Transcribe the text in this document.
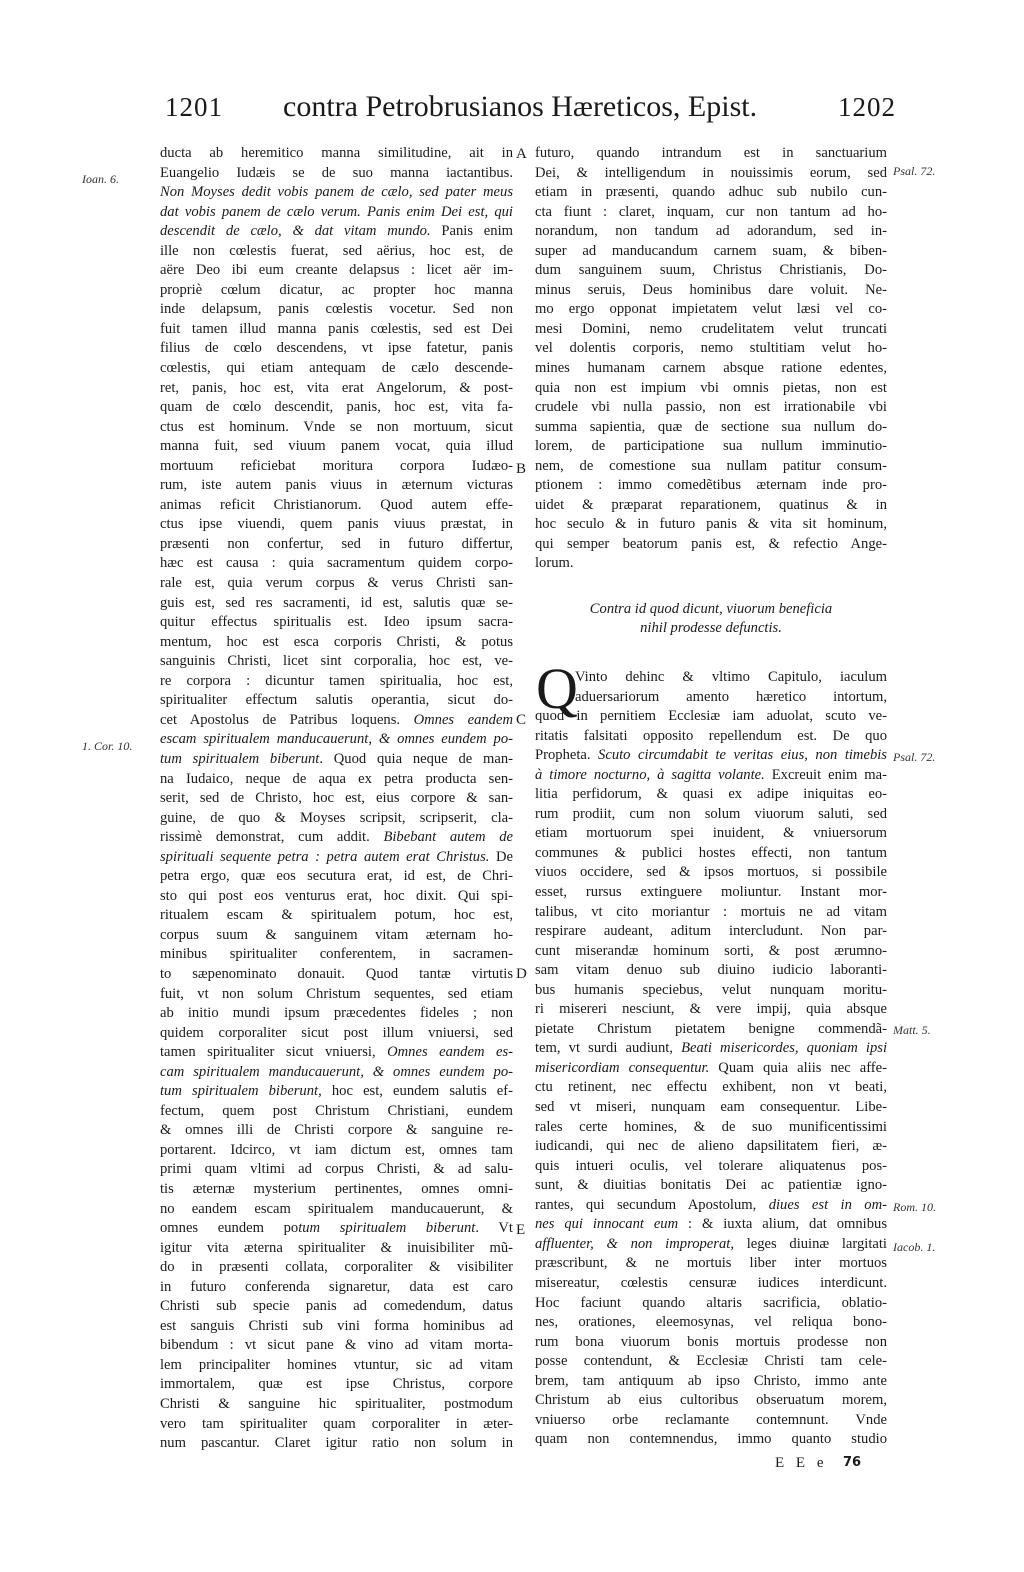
1201 contra Petrobrusianos Hæreticos, Epist.	1202
ducta ab heremitico manna similitudine, ait in
Euangelio Iudæis se de suo manna iactantibus.
Non Moyses dedit vobis panem de cælo, sed pater meus
dat vobis panem de cælo verum. Panis enim Dei est, qui
descendit de cælo, & dat vitam mundo. Panis enim
ille non cœlestis fuerat, sed aërius, hoc est, de
aëre Deo ibi eum creante delapsus : licet aër im-
propriè cœlum dicatur, ac propter hoc manna
inde delapsum, panis cœlestis vocetur. Sed non
fuit tamen illud manna panis cœlestis, sed est Dei
filius de cœlo descendens, vt ipse fatetur, panis
cœlestis, qui etiam antequam de cælo descende-
ret, panis, hoc est, vita erat Angelorum, & post-
quam de cœlo descendit, panis, hoc est, vita fa-
ctus est hominum. Vnde se non mortuum, sicut
manna fuit, sed viuum panem vocat, quia illud
mortuum reficiebat moritura corpora Iudæo-
rum, iste autem panis viuus in æternum victuras
animas reficit Christianorum. Quod autem effe-
ctus ipse viuendi, quem panis viuus præstat, in
præsenti non confertur, sed in futuro differtur,
hæc est causa : quia sacramentum quidem corpo-
rale est, quia verum corpus & verus Christi san-
guis est, sed res sacramenti, id est, salutis quæ se-
quitur effectus spiritualis est. Ideo ipsum sacra-
mentum, hoc est esca corporis Christi, & potus
sanguinis Christi, licet sint corporalia, hoc est, ve-
re corpora : dicuntur tamen spiritualia, hoc est,
spiritualiter effectum salutis operantia, sicut do-
cet Apostolus de Patribus loquens. Omnes eandem
escam spiritualem manducauerunt, & omnes eundem po-
tum spiritualem biberunt. Quod quia neque de man-
na Iudaico, neque de aqua ex petra producta sen-
serit, sed de Christo, hoc est, eius corpore & san-
guine, de quo & Moyses scripsit, scripserit, cla-
rissimè demonstrat, cum addit. Bibebant autem de
spirituali sequente petra : petra autem erat Christus. De
petra ergo, quæ eos secutura erat, id est, de Chri-
sto qui post eos venturus erat, hoc dixit. Qui spi-
ritualem escam & spiritualem potum, hoc est,
corpus suum & sanguinem vitam æternam ho-
minibus spiritualiter conferentem, in sacramen-
to sæpenominato donauit. Quod tantæ virtutis
fuit, vt non solum Christum sequentes, sed etiam
ab initio mundi ipsum præcedentes fideles ; non
quidem corporaliter sicut post illum vniuersi, sed
tamen spiritualiter sicut vniuersi, Omnes eandem es-
cam spiritualem manducauerunt, & omnes eundem po-
tum spiritualem biberunt, hoc est, eundem salutis ef-
fectum, quem post Christum Christiani, eundem
& omnes illi de Christi corpore & sanguine re-
portarent. Idcirco, vt iam dictum est, omnes tam
primi quam vltimi ad corpus Christi, & ad salu-
tis æternæ mysterium pertinentes, omnes omni-
no eandem escam spiritualem manducauerunt, &
omnes eundem potum spiritualem biberunt. Vt
igitur vita æterna spiritualiter & inuisibiliter mũ-
do in præsenti collata, corporaliter & visibiliter
in futuro conferenda signaretur, data est caro
Christi sub specie panis ad comedendum, datus
est sanguis Christi sub vini forma hominibus ad
bibendum : vt sicut pane & vino ad vitam morta-
lem principaliter homines vtuntur, sic ad vitam
immortalem, quæ est ipse Christus, corpore
Christi & sanguine hic spiritualiter, postmodum
vero tam spiritualiter quam corporaliter in æter-
num pascantur. Claret igitur ratio non solum in
futuro, quando intrandum est in sanctuarium
Dei, & intelligendum in nouissimis eorum, sed
etiam in præsenti, quando adhuc sub nubilo cun-
cta fiunt : claret, inquam, cur non tantum ad ho-
norandum, non tandum ad adorandum, sed in-
super ad manducandum carnem suam, & biben-
dum sanguinem suum, Christus Christianis, Do-
minus seruis, Deus hominibus dare voluit. Ne-
mo ergo opponat impietatem velut læsi vel co-
mesi Domini, nemo crudelitatem velut truncati
vel dolentis corporis, nemo stultitiam velut ho-
mines humanam carnem absque ratione edentes,
quia non est impium vbi omnis pietas, non est
crudele vbi nulla passio, non est irrationabile vbi
summa sapientia, quæ de sectione sua nullum do-
lorem, de participatione sua nullum imminutio-
nem, de comestione sua nullam patitur consum-
ptionem : immo comedẽtibus æternam inde pro-
uidet & præparat reparationem, quatinus & in
hoc seculo & in futuro panis & vita sit hominum,
qui semper beatorum panis est, & refectio Ange-
lorum.
Contra id quod dicunt, viuorum beneficia
nihil prodesse defunctis.
Q
Vinto dehinc & vltimo Capitulo, iaculum
aduersariorum amento hæretico intortum,
quod in pernitiem Ecclesiæ iam aduolat, scuto ve-
ritatis falsitati opposito repellendum est. De quo
Propheta. Scuto circumdabit te veritas eius, non timebis
à timore nocturno, à sagitta volante. Excreuit enim ma-
litia perfidorum, & quasi ex adipe iniquitas eo-
rum prodiit, cum non solum viuorum saluti, sed
etiam mortuorum spei inuident, & vniuersorum
communes & publici hostes effecti, non tantum
viuos occidere, sed & ipsos mortuos, si possibile
esset, rursus extinguere moliuntur. Instant mor-
talibus, vt cito moriantur : mortuis ne ad vitam
respirare audeant, aditum intercludunt. Non par-
cunt miserandæ hominum sorti, & post ærumno-
sam vitam denuo sub diuino iudicio laboranti-
bus humanis speciebus, velut nunquam moritu-
ri misereri nesciunt, & vere impij, quia absque
pietate Christum pietatem benigne commendã-
tem, vt surdi audiunt, Beati misericordes, quoniam ipsi
misericordiam consequentur. Quam quia aliis nec affe-
ctu retinent, nec effectu exhibent, non vt beati,
sed vt miseri, nunquam eam consequentur. Libe-
rales certe homines, & de suo munificentissimi
iudicandi, qui nec de alieno dapsilitatem fieri, æ-
quis intueri oculis, vel tolerare aliquatenus pos-
sunt, & diuitias bonitatis Dei ac patientiæ igno-
rantes, qui secundum Apostolum, diues est in om-
nes qui innocant eum : & iuxta alium, dat omnibus
affluenter, & non improperat, leges diuinæ largitati
præscribunt, & ne mortuis liber inter mortuos
misereatur, cœlestis censuræ iudices interdicunt.
Hoc faciunt quando altaris sacrificia, oblatio-
nes, orationes, eleemosynas, vel reliqua bono-
rum bona viuorum bonis mortuis prodesse non
posse contendunt, & Ecclesiæ Christi tam cele-
brem, tam antiquum ab ipso Christo, immo ante
Christum ab eius cultoribus obseruatum morem,
vniuerso orbe reclamante contemnunt. Vnde
quam non contemnendus, immo quanto studio
Ioan. 6.
1. Cor. 10.
Psal. 72.
Psal. 72.
Matt. 5.
Rom. 10.
Iacob. 1.
A
B
C
D
E
E E e 76
